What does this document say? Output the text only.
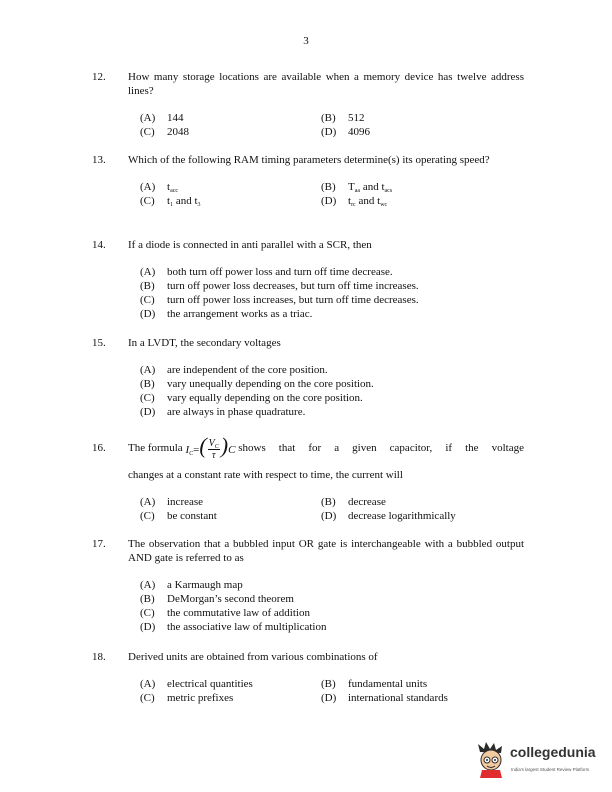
3
12. How many storage locations are available when a memory device has twelve address lines?
(A) 144	(B) 512
(C) 2048	(D) 4096
13. Which of the following RAM timing parameters determine(s) its operating speed?
(A) $t_{acc}$	(B) $T_{aa}$ and $t_{acs}$
(C) $t_1$ and $t_3$	(D) $t_{rc}$ and $t_{wc}$
14. If a diode is connected in anti parallel with a SCR, then
(A) both turn off power loss and turn off time decrease.
(B) turn off power loss decreases, but turn off time increases.
(C) turn off power loss increases, but turn off time decreases.
(D) the arrangement works as a triac.
15. In a LVDT, the secondary voltages
(A) are independent of the core position.
(B) vary unequally depending on the core position.
(C) vary equally depending on the core position.
(D) are always in phase quadrature.
16. The formula
$I_C=( \frac{V_C}{\tau} )C$
shows that for a given capacitor, if the voltage
changes at a constant rate with respect to time, the current will
(A) increase	(B) decrease
(C) be constant	(D) decrease logarithmically
17. The observation that a bubbled input OR gate is interchangeable with a bubbled output AND gate is referred to as
(A) a Karmaugh map
(B) DeMorgan’s second theorem
(C) the commutative law of addition
(D) the associative law of multiplication
18. Derived units are obtained from various combinations of
(A) electrical quantities	(B) fundamental units
(C) metric prefixes	(D) international standards
collegedunia
India's largest Student Review Platform
